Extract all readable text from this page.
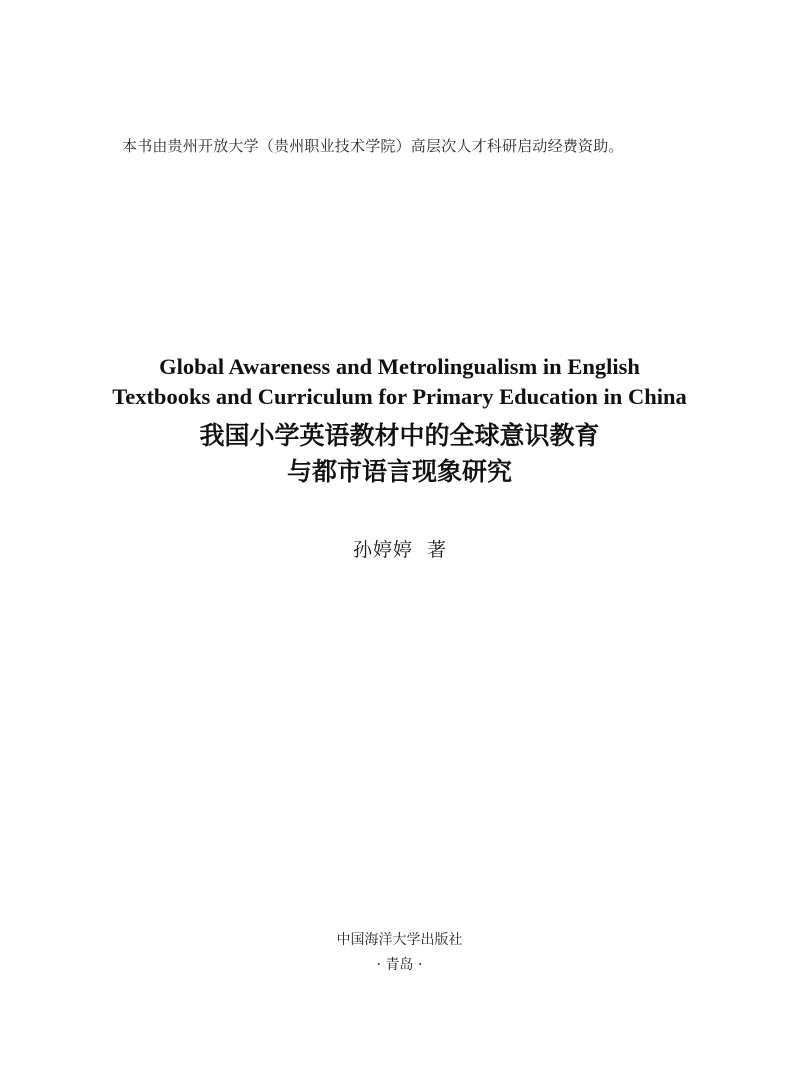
本书由贵州开放大学（贵州职业技术学院）高层次人才科研启动经费资助。
Global Awareness and Metrolingualism in English
Textbooks and Curriculum for Primary Education in China
我国小学英语教材中的全球意识教育
与都市语言现象研究
孙婷婷 著
中国海洋大学出版社
· 青岛 ·
